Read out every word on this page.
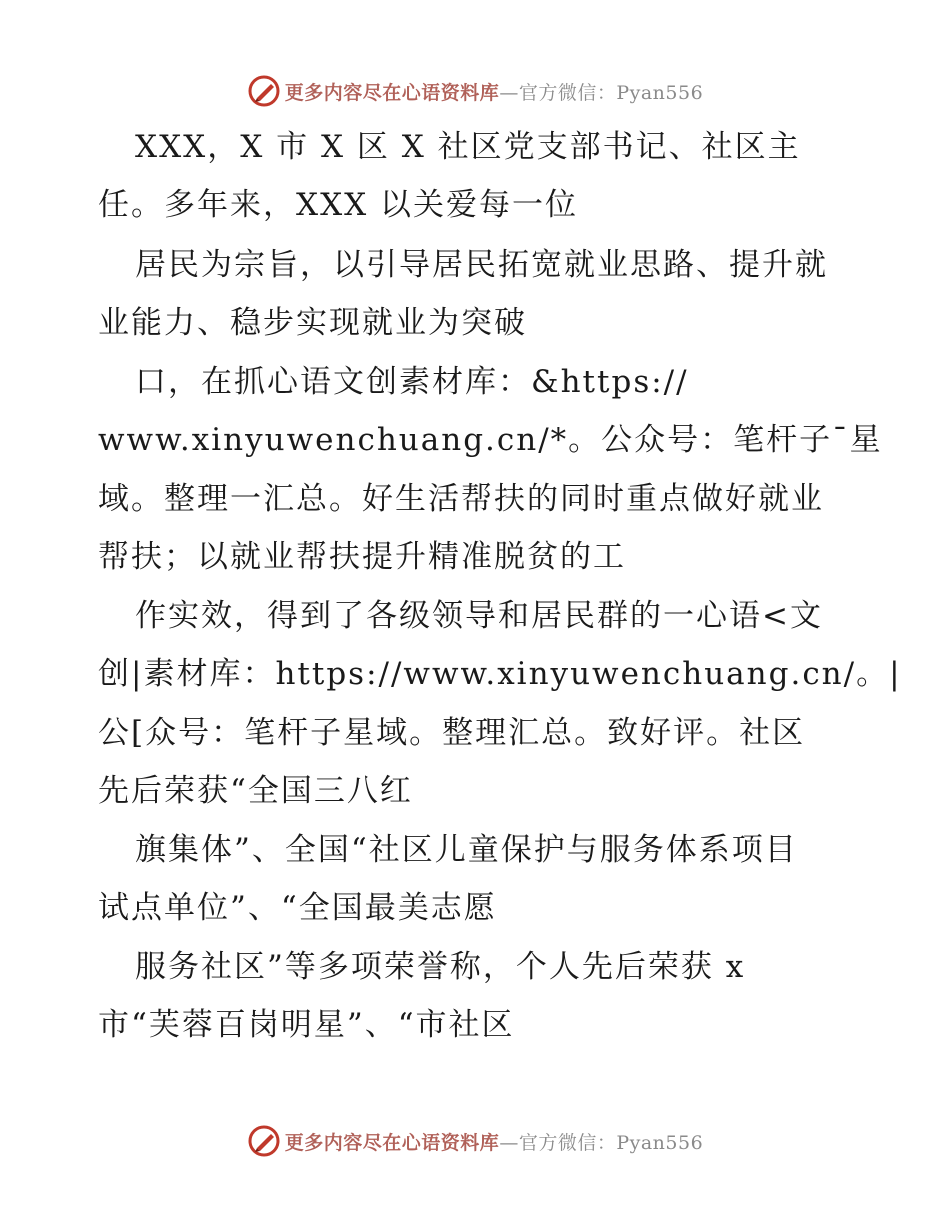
更多内容尽在心语资料库—官方微信：Pyan556
XXX，X 市 X 区 X 社区党支部书记、社区主
任。多年来，XXX 以关爱每一位
居民为宗旨，以引导居民拓宽就业思路、提升就
业能力、稳步实现就业为突破
口，在抓心语文创素材库：&https://
www.xinyuwenchuang.cn/*。公众号：笔杆子¯星
域。整理一汇总。好生活帮扶的同时重点做好就业
帮扶；以就业帮扶提升精准脱贫的工
作实效，得到了各级领导和居民群的一心语<文
创|素材库：https://www.xinyuwenchuang.cn/。|
公[众号：笔杆子星域。整理汇总。致好评。社区
先后荣获“全国三八红
旗集体”、全国“社区儿童保护与服务体系项目
试点单位”、“全国最美志愿
服务社区”等多项荣誉称，个人先后荣获 x
市“芙蓉百岗明星”、“市社区
更多内容尽在心语资料库—官方微信：Pyan556
